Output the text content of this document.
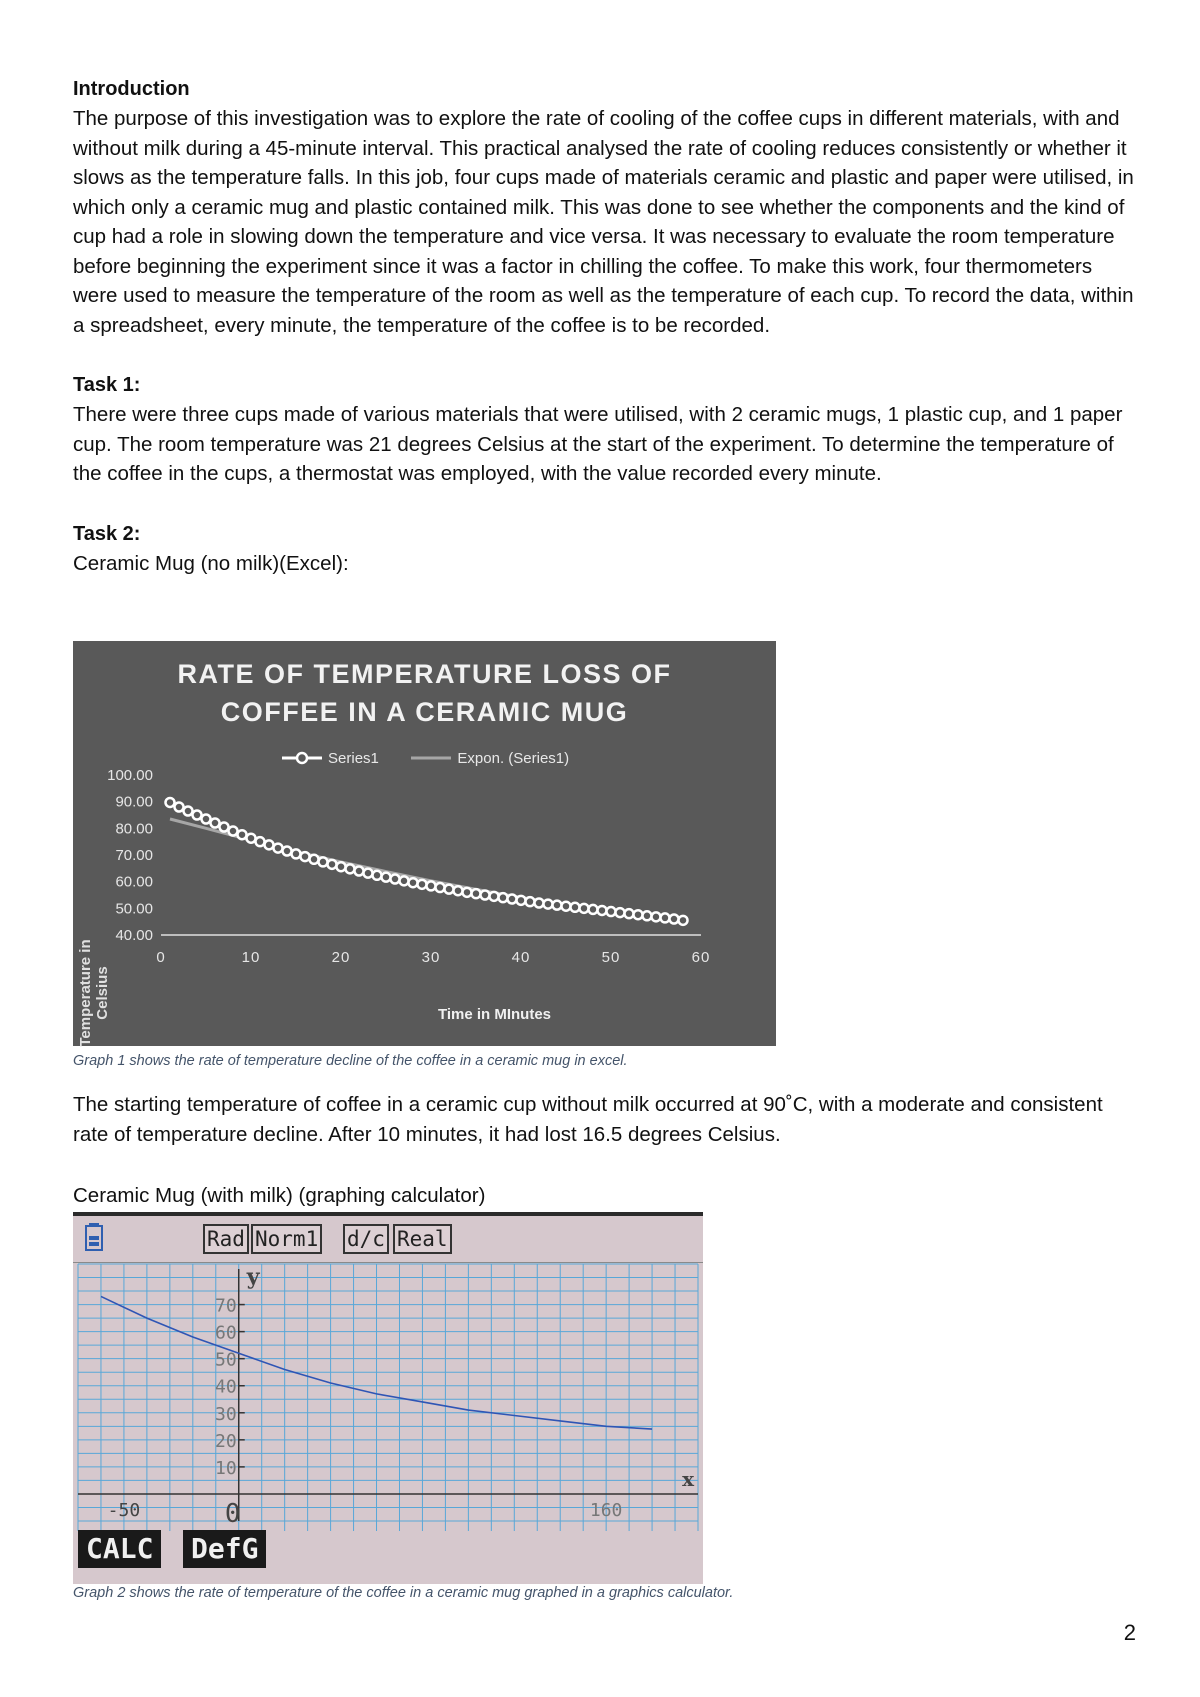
Introduction

The purpose of this investigation was to explore the rate of cooling of the coffee cups in different materials, with and without milk during a 45-minute interval. This practical analysed the rate of cooling reduces consistently or whether it slows as the temperature falls. In this job, four cups made of materials ceramic and plastic and paper were utilised, in which only a ceramic mug and plastic contained milk. This was done to see whether the components and the kind of cup had a role in slowing down the temperature and vice versa. It was necessary to evaluate the room temperature before beginning the experiment since it was a factor in chilling the coffee. To make this work, four thermometers were used to measure the temperature of the room as well as the temperature of each cup. To record the data, within a spreadsheet, every minute, the temperature of the coffee is to be recorded.

Task 1:

There were three cups made of various materials that were utilised, with 2 ceramic mugs, 1 plastic cup, and 1 paper cup. The room temperature was 21 degrees Celsius at the start of the experiment. To determine the temperature of the coffee in the cups, a thermostat was employed, with the value recorded every minute.

Task 2:

Ceramic Mug (no milk)(Excel):

RATE OF TEMPERATURE LOSS OF
COFFEE IN A CERAMIC MUG
Series1	Expon. (Series1)
Temperature in Celsius	Time in MInutes
100.00
90.00
80.00
70.00
60.00
50.00
40.00
0	10	20	30	40	50	60

Graph 1 shows the rate of temperature decline of the coffee in a ceramic mug in excel.

The starting temperature of coffee in a ceramic cup without milk occurred at 90˚C, with a moderate and consistent rate of temperature decline. After 10 minutes, it had lost 16.5 degrees Celsius.

Ceramic Mug (with milk) (graphing calculator)

Rad Norm1 d/c Real
70
60
50
40
30
20
10
y
-50	160
0
x
CALC DefG

Graph 2 shows the rate of temperature of the coffee in a ceramic mug graphed in a graphics calculator.

2
